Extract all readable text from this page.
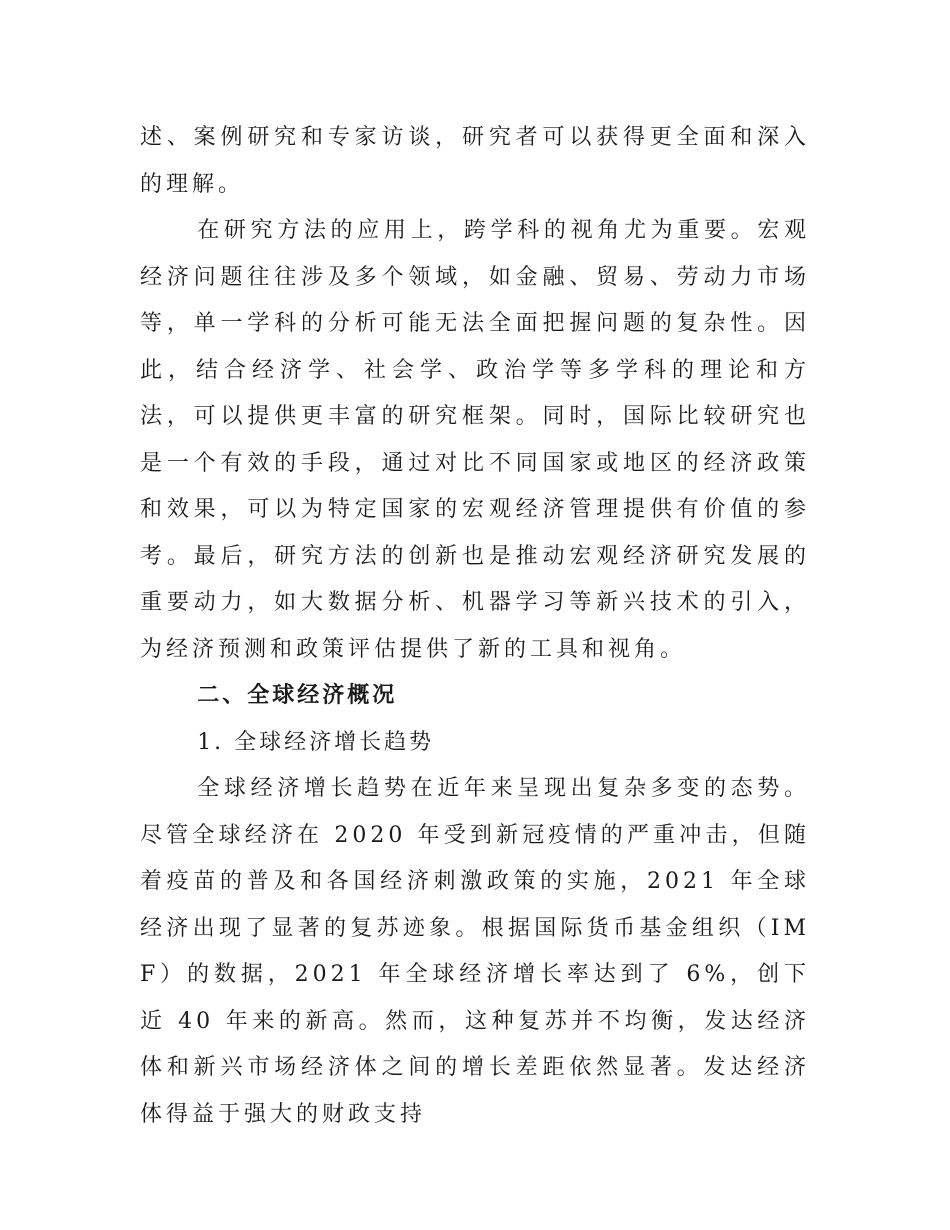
述、案例研究和专家访谈，研究者可以获得更全面和深入的理解。

在研究方法的应用上，跨学科的视角尤为重要。宏观经济问题往往涉及多个领域，如金融、贸易、劳动力市场等，单一学科的分析可能无法全面把握问题的复杂性。因此，结合经济学、社会学、政治学等多学科的理论和方法，可以提供更丰富的研究框架。同时，国际比较研究也是一个有效的手段，通过对比不同国家或地区的经济政策和效果，可以为特定国家的宏观经济管理提供有价值的参考。最后，研究方法的创新也是推动宏观经济研究发展的重要动力，如大数据分析、机器学习等新兴技术的引入，为经济预测和政策评估提供了新的工具和视角。

二、全球经济概况

1. 全球经济增长趋势

全球经济增长趋势在近年来呈现出复杂多变的态势。尽管全球经济在 2020 年受到新冠疫情的严重冲击，但随着疫苗的普及和各国经济刺激政策的实施，2021 年全球经济出现了显著的复苏迹象。根据国际货币基金组织（IMF）的数据，2021 年全球经济增长率达到了 6%，创下近 40 年来的新高。然而，这种复苏并不均衡，发达经济体和新兴市场经济体之间的增长差距依然显著。发达经济体得益于强大的财政支持
